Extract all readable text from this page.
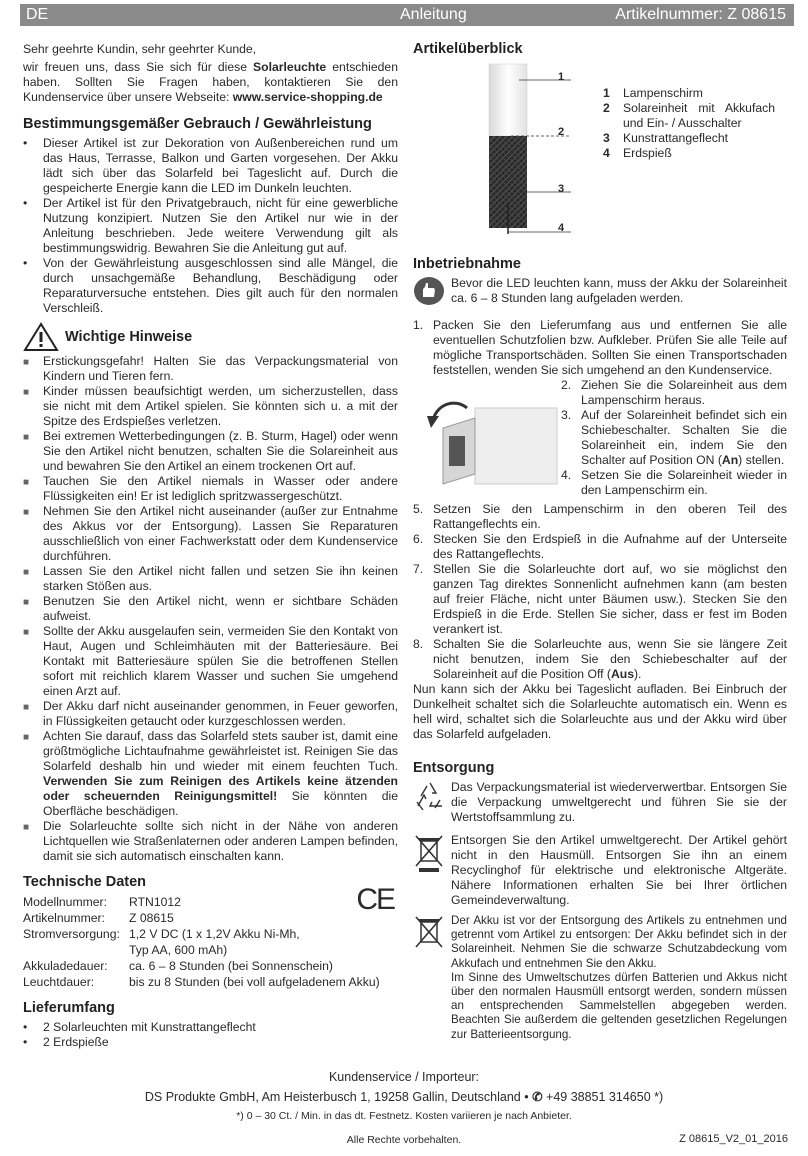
DE	Anleitung	Artikelnummer: Z 08615

Sehr geehrte Kundin, sehr geehrter Kunde,

wir freuen uns, dass Sie sich für diese Solarleuchte entschieden haben. Sollten Sie Fragen haben, kontaktieren Sie den Kundenservice über unsere Webseite: www.service-shopping.de

Bestimmungsgemäßer Gebrauch / Gewährleistung
• Dieser Artikel ist zur Dekoration von Außenbereichen rund um das Haus, Terrasse, Balkon und Garten vorgesehen. Der Akku lädt sich über das Solarfeld bei Tageslicht auf. Durch die gespeicherte Energie kann die LED im Dunkeln leuchten.
• Der Artikel ist für den Privatgebrauch, nicht für eine gewerbliche Nutzung konzipiert. Nutzen Sie den Artikel nur wie in der Anleitung beschrieben. Jede weitere Verwendung gilt als bestimmungswidrig. Bewahren Sie die Anleitung gut auf.
• Von der Gewährleistung ausgeschlossen sind alle Mängel, die durch unsachgemäße Behandlung, Beschädigung oder Reparaturversuche entstehen. Dies gilt auch für den normalen Verschleiß.
Wichtige Hinweise
■ Erstickungsgefahr! Halten Sie das Verpackungsmaterial von Kindern und Tieren fern.
■ Kinder müssen beaufsichtigt werden, um sicherzustellen, dass sie nicht mit dem Artikel spielen. Sie könnten sich u. a mit der Spitze des Erdspießes verletzen.
■ Bei extremen Wetterbedingungen (z. B. Sturm, Hagel) oder wenn Sie den Artikel nicht benutzen, schalten Sie die Solareinheit aus und bewahren Sie den Artikel an einem trockenen Ort auf.
■ Tauchen Sie den Artikel niemals in Wasser oder andere Flüssigkeiten ein! Er ist lediglich spritzwassergeschützt.
■ Nehmen Sie den Artikel nicht auseinander (außer zur Entnahme des Akkus vor der Entsorgung). Lassen Sie Reparaturen ausschließlich von einer Fachwerkstatt oder dem Kundenservice durchführen.
■ Lassen Sie den Artikel nicht fallen und setzen Sie ihn keinen starken Stößen aus.
■ Benutzen Sie den Artikel nicht, wenn er sichtbare Schäden aufweist.
■ Sollte der Akku ausgelaufen sein, vermeiden Sie den Kontakt von Haut, Augen und Schleimhäuten mit der Batteriesäure. Bei Kontakt mit Batteriesäure spülen Sie die betroffenen Stellen sofort mit reichlich klarem Wasser und suchen Sie umgehend einen Arzt auf.
■ Der Akku darf nicht auseinander genommen, in Feuer geworfen, in Flüssigkeiten getaucht oder kurzgeschlossen werden.
■ Achten Sie darauf, dass das Solarfeld stets sauber ist, damit eine größtmögliche Lichtaufnahme gewährleistet ist. Reinigen Sie das Solarfeld deshalb hin und wieder mit einem feuchten Tuch. Verwenden Sie zum Reinigen des Artikels keine ätzenden oder scheuernden Reinigungsmittel! Sie könnten die Oberfläche beschädigen.
■ Die Solarleuchte sollte sich nicht in der Nähe von anderen Lichtquellen wie Straßenlaternen oder anderen Lampen befinden, damit sie sich automatisch einschalten kann.
Technische Daten
CE
Modellnummer:	RTN1012
Artikelnummer:	Z 08615
Stromversorgung:	1,2 V DC (1 x 1,2V Akku Ni-Mh,
	Typ AA, 600 mAh)
Akkuladedauer:	ca. 6 – 8 Stunden (bei Sonnenschein)
Leuchtdauer:	bis zu 8 Stunden (bei voll aufgeladenem Akku)
Lieferumfang
• 2 Solarleuchten mit Kunstrattangeflecht
• 2 Erdspieße
Artikelüberblick
1
2
3
4
1	Lampenschirm
2	Solareinheit mit Akkufach und Ein- / Ausschalter
3	Kunstrattangeflecht
4	Erdspieß
Inbetriebnahme
Bevor die LED leuchten kann, muss der Akku der Solareinheit ca. 6 – 8 Stunden lang aufgeladen werden.
1. Packen Sie den Lieferumfang aus und entfernen Sie alle eventuellen Schutzfolien bzw. Aufkleber. Prüfen Sie alle Teile auf mögliche Transportschäden. Sollten Sie einen Transportschaden feststellen, wenden Sie sich umgehend an den Kundenservice.
2. Ziehen Sie die Solareinheit aus dem Lampenschirm heraus.
3. Auf der Solareinheit befindet sich ein Schiebeschalter. Schalten Sie die Solareinheit ein, indem Sie den Schalter auf Position ON (An) stellen.
4. Setzen Sie die Solareinheit wieder in den Lampenschirm ein.
5. Setzen Sie den Lampenschirm in den oberen Teil des Rattangeflechts ein.
6. Stecken Sie den Erdspieß in die Aufnahme auf der Unterseite des Rattangeflechts.
7. Stellen Sie die Solarleuchte dort auf, wo sie möglichst den ganzen Tag direktes Sonnenlicht aufnehmen kann (am besten auf freier Fläche, nicht unter Bäumen usw.). Stecken Sie den Erdspieß in die Erde. Stellen Sie sicher, dass er fest im Boden verankert ist.
8. Schalten Sie die Solarleuchte aus, wenn Sie sie längere Zeit nicht benutzen, indem Sie den Schiebeschalter auf der Solareinheit auf die Position Off (Aus).

Nun kann sich der Akku bei Tageslicht aufladen. Bei Einbruch der Dunkelheit schaltet sich die Solarleuchte automatisch ein. Wenn es hell wird, schaltet sich die Solarleuchte aus und der Akku wird über das Solarfeld aufgeladen.

Entsorgung
Das Verpackungsmaterial ist wiederverwertbar. Entsorgen Sie die Verpackung umweltgerecht und führen Sie sie der Wertstoffsammlung zu.
Entsorgen Sie den Artikel umweltgerecht. Der Artikel gehört nicht in den Hausmüll. Entsorgen Sie ihn an einem Recyclinghof für elektrische und elektronische Altgeräte. Nähere Informationen erhalten Sie bei Ihrer örtlichen Gemeindeverwaltung.
Der Akku ist vor der Entsorgung des Artikels zu entnehmen und getrennt vom Artikel zu entsorgen: Der Akku befindet sich in der Solareinheit. Nehmen Sie die schwarze Schutzabdeckung vom Akkufach und entnehmen Sie den Akku.
Im Sinne des Umweltschutzes dürfen Batterien und Akkus nicht über den normalen Hausmüll entsorgt werden, sondern müssen an entsprechenden Sammelstellen abgegeben werden. Beachten Sie außerdem die geltenden gesetzlichen Regelungen zur Batterieentsorgung.
Kundenservice / Importeur:
DS Produkte GmbH, Am Heisterbusch 1, 19258 Gallin, Deutschland • ✆ +49 38851 314650 *)
*) 0 – 30 Ct. / Min. in das dt. Festnetz. Kosten variieren je nach Anbieter.
Alle Rechte vorbehalten.	Z 08615_V2_01_2016
